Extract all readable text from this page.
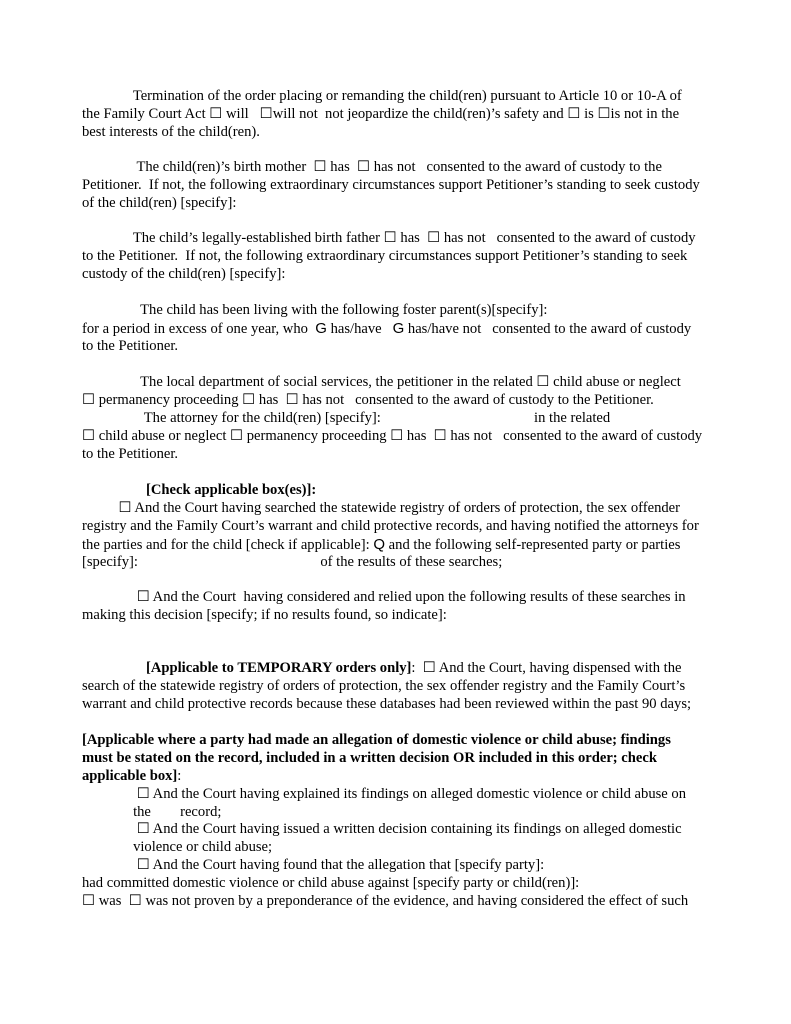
Termination of the order placing or remanding the child(ren) pursuant to Article 10 or 10-A of
the Family Court Act ☐ will   ☐will not  not jeopardize the child(ren)’s safety and ☐ is ☐is not in the
best interests of the child(ren).
The child(ren)’s birth mother  ☐ has  ☐ has not   consented to the award of custody to the
Petitioner.  If not, the following extraordinary circumstances support Petitioner’s standing to seek custody
of the child(ren) [specify]:
The child’s legally-established birth father ☐ has  ☐ has not   consented to the award of custody
to the Petitioner.  If not, the following extraordinary circumstances support Petitioner’s standing to seek
custody of the child(ren) [specify]:
The child has been living with the following foster parent(s)[specify]:
for a period in excess of one year, who  G has/have   G has/have not   consented to the award of custody
to the Petitioner.
The local department of social services, the petitioner in the related ☐ child abuse or neglect
☐ permanency proceeding ☐ has  ☐ has not   consented to the award of custody to the Petitioner.
The attorney for the child(ren) [specify]:                                          in the related
☐ child abuse or neglect ☐ permanency proceeding ☐ has  ☐ has not   consented to the award of custody
to the Petitioner.
[Check applicable box(es)]:
☐ And the Court having searched the statewide registry of orders of protection, the sex offender
registry and the Family Court’s warrant and child protective records, and having notified the attorneys for
the parties and for the child [check if applicable]: Q and the following self-represented party or parties
[specify]:                                                  of the results of these searches;
☐ And the Court  having considered and relied upon the following results of these searches in
making this decision [specify; if no results found, so indicate]:
[Applicable to TEMPORARY orders only]:  ☐ And the Court, having dispensed with the
search of the statewide registry of orders of protection, the sex offender registry and the Family Court’s
warrant and child protective records because these databases had been reviewed within the past 90 days;
[Applicable where a party had made an allegation of domestic violence or child abuse; findings
must be stated on the record, included in a written decision OR included in this order; check
applicable box]:
☐ And the Court having explained its findings on alleged domestic violence or child abuse on
the        record;
☐ And the Court having issued a written decision containing its findings on alleged domestic
violence or child abuse;
☐ And the Court having found that the allegation that [specify party]:
had committed domestic violence or child abuse against [specify party or child(ren)]:
☐ was  ☐ was not proven by a preponderance of the evidence, and having considered the effect of such
